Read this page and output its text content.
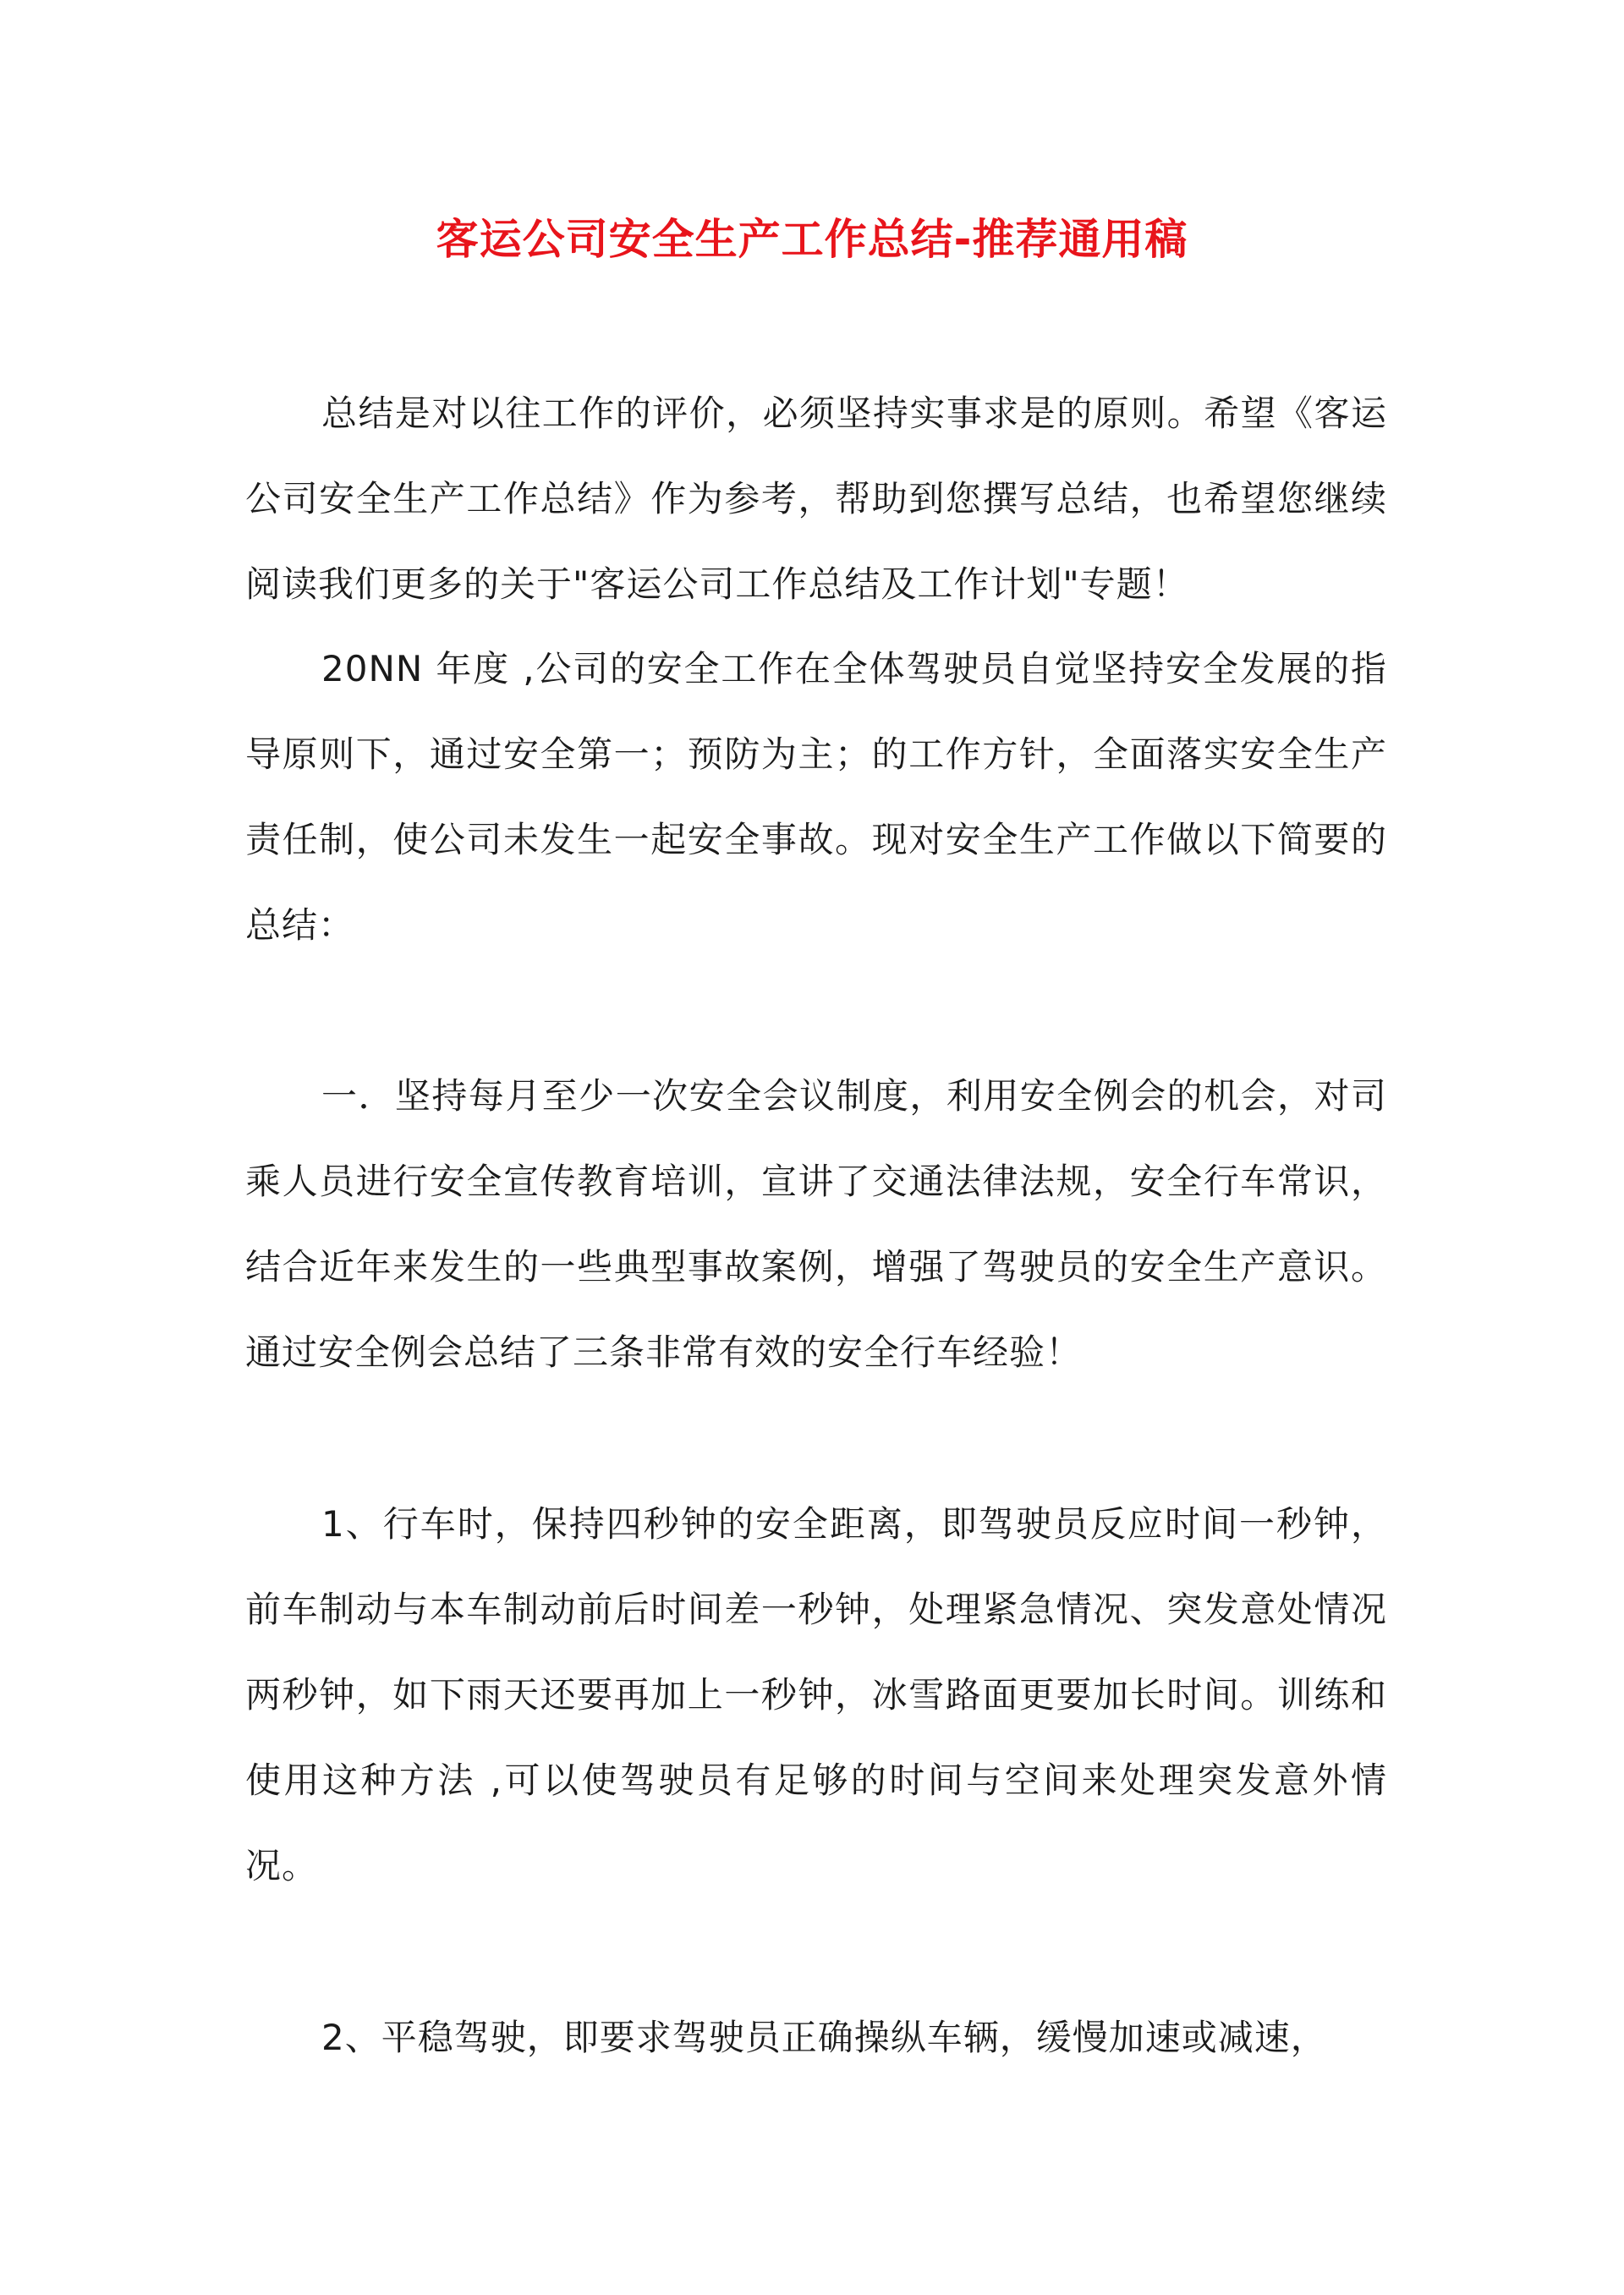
客运公司安全生产工作总结-推荐通用稿

总结是对以往工作的评价，必须坚持实事求是的原则。希望《客运公司安全生产工作总结》作为参考，帮助到您撰写总结，也希望您继续阅读我们更多的关于"客运公司工作总结及工作计划"专题！

20NN 年度 ,公司的安全工作在全体驾驶员自觉坚持安全发展的指导原则下，通过安全第一；预防为主；的工作方针，全面落实安全生产责任制，使公司未发生一起安全事故。现对安全生产工作做以下简要的总结：

一．坚持每月至少一次安全会议制度，利用安全例会的机会，对司乘人员进行安全宣传教育培训，宣讲了交通法律法规，安全行车常识，结合近年来发生的一些典型事故案例，增强了驾驶员的安全生产意识。通过安全例会总结了三条非常有效的安全行车经验！

1、行车时，保持四秒钟的安全距离，即驾驶员反应时间一秒钟，前车制动与本车制动前后时间差一秒钟，处理紧急情况、突发意处情况两秒钟，如下雨天还要再加上一秒钟，冰雪路面更要加长时间。训练和使用这种方法 ,可以使驾驶员有足够的时间与空间来处理突发意外情况。

2、平稳驾驶，即要求驾驶员正确操纵车辆，缓慢加速或减速，
